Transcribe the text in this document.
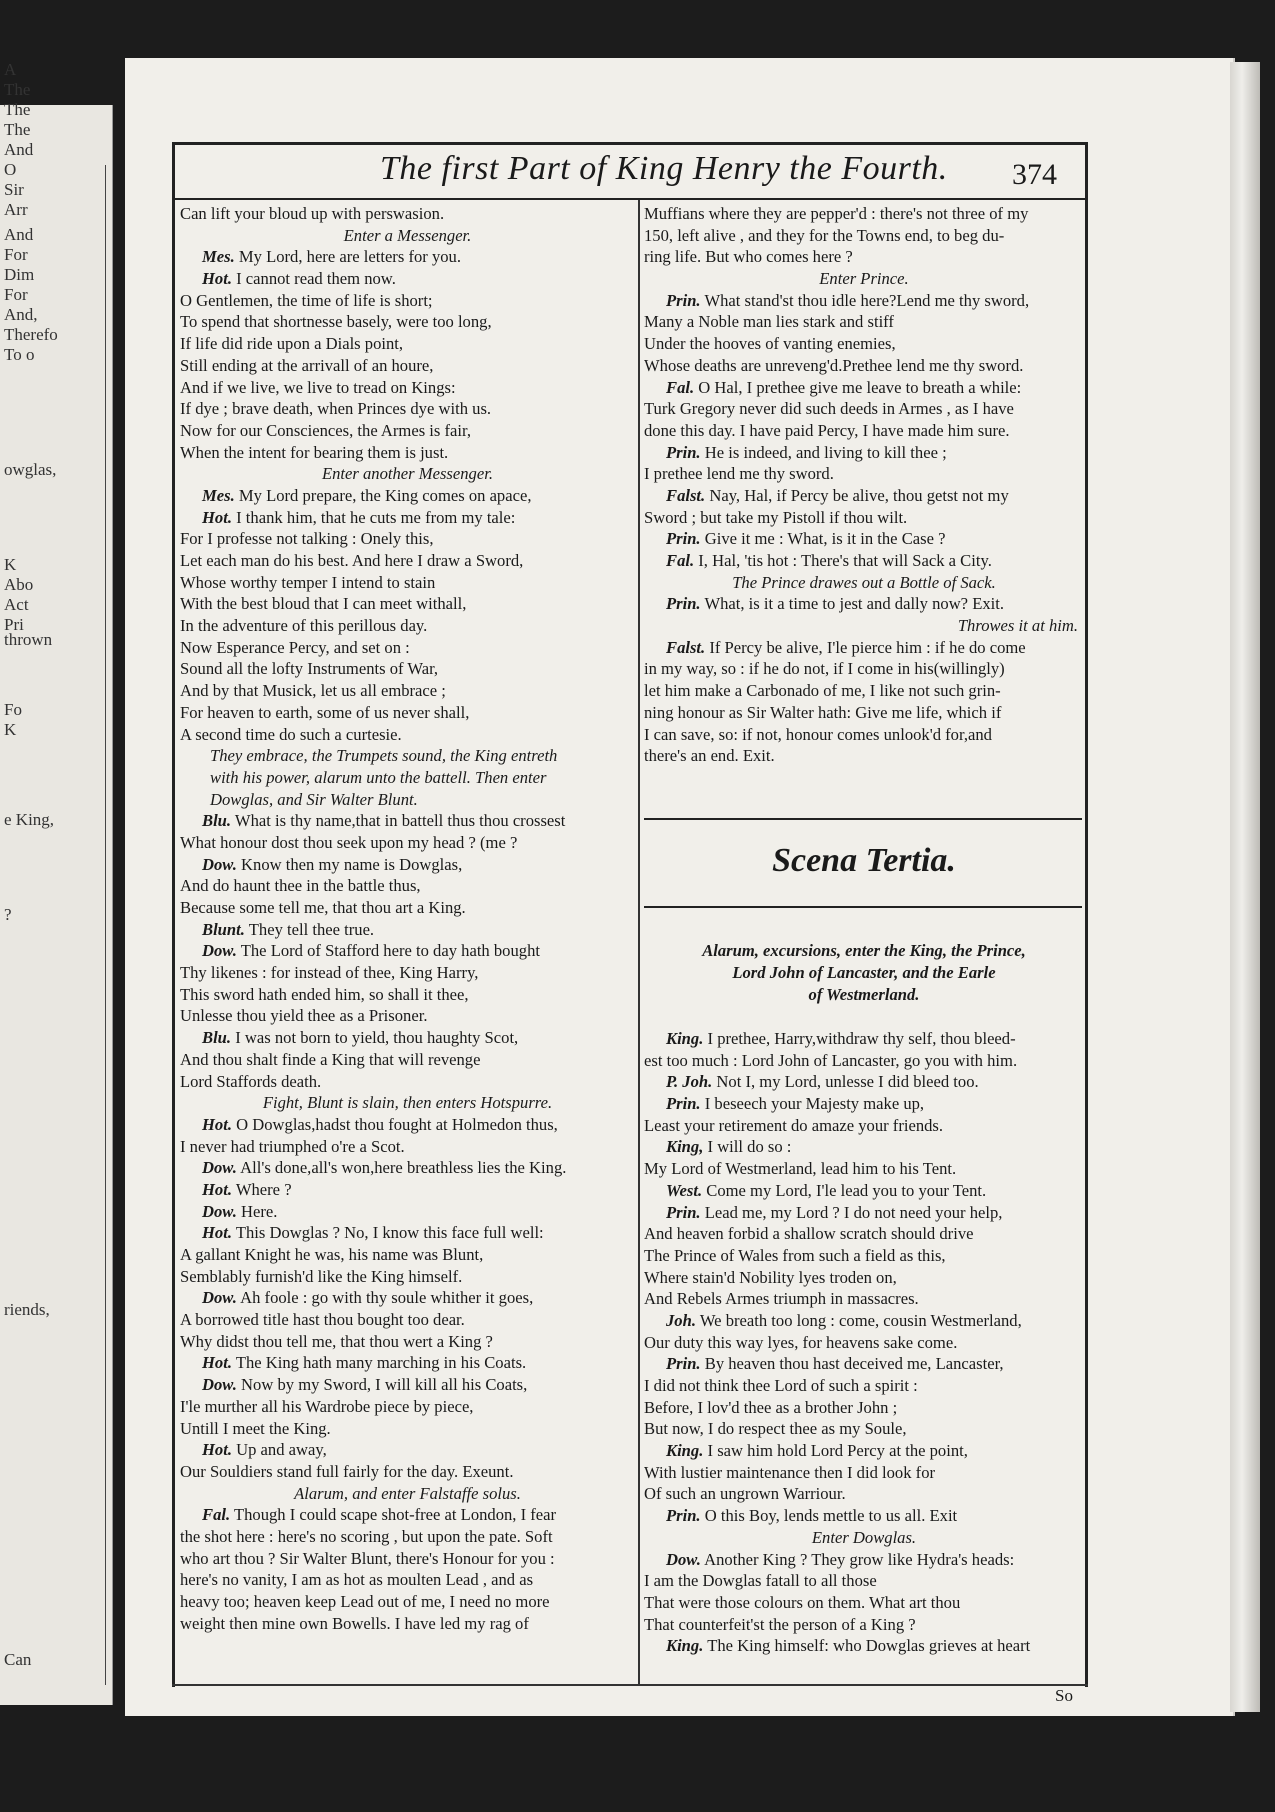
A
The
The
The
And
O
Sir
Arr
And
For
Dim
For
And,
Therefo
To o
owglas,
K
Abo
Act
Pri
thrown
Fo
K
e King,
?
riends,
Can
The first Part of King Henry the Fourth. 374
Can lift your bloud up with perswasion.
Enter a Messenger.
Mes. My Lord, here are letters for you.
Hot. I cannot read them now.
O Gentlemen, the time of life is short;
To spend that shortnesse basely, were too long,
If life did ride upon a Dials point,
Still ending at the arrivall of an houre,
And if we live, we live to tread on Kings:
If dye ; brave death, when Princes dye with us.
Now for our Consciences, the Armes is fair,
When the intent for bearing them is just.
Enter another Messenger.
Mes. My Lord prepare, the King comes on apace,
Hot. I thank him, that he cuts me from my tale:
For I professe not talking : Onely this,
Let each man do his best. And here I draw a Sword,
Whose worthy temper I intend to stain
With the best bloud that I can meet withall,
In the adventure of this perillous day.
Now Esperance Percy, and set on :
Sound all the lofty Instruments of War,
And by that Musick, let us all embrace ;
For heaven to earth, some of us never shall,
A second time do such a curtesie.
They embrace, the Trumpets sound, the King entreth
with his power, alarum unto the battell. Then enter
Dowglas, and Sir Walter Blunt.
Blu. What is thy name,that in battell thus thou crossest
What honour dost thou seek upon my head ? (me ?
Dow. Know then my name is Dowglas,
And do haunt thee in the battle thus,
Because some tell me, that thou art a King.
Blunt. They tell thee true.
Dow. The Lord of Stafford here to day hath bought
Thy likenes : for instead of thee, King Harry,
This sword hath ended him, so shall it thee,
Unlesse thou yield thee as a Prisoner.
Blu. I was not born to yield, thou haughty Scot,
And thou shalt finde a King that will revenge
Lord Staffords death.
Fight, Blunt is slain, then enters Hotspurre.
Hot. O Dowglas,hadst thou fought at Holmedon thus,
I never had triumphed o're a Scot.
Dow. All's done,all's won,here breathless lies the King.
Hot. Where ?
Dow. Here.
Hot. This Dowglas ? No, I know this face full well:
A gallant Knight he was, his name was Blunt,
Semblably furnish'd like the King himself.
Dow. Ah foole : go with thy soule whither it goes,
A borrowed title hast thou bought too dear.
Why didst thou tell me, that thou wert a King ?
Hot. The King hath many marching in his Coats.
Dow. Now by my Sword, I will kill all his Coats,
I'le murther all his Wardrobe piece by piece,
Untill I meet the King.
Hot. Up and away,
Our Souldiers stand full fairly for the day. Exeunt.
Alarum, and enter Falstaffe solus.
Fal. Though I could scape shot-free at London, I fear
the shot here : here's no scoring , but upon the pate. Soft
who art thou ? Sir Walter Blunt, there's Honour for you :
here's no vanity, I am as hot as moulten Lead , and as
heavy too; heaven keep Lead out of me, I need no more
weight then mine own Bowells. I have led my rag of
Muffians where they are pepper'd : there's not three of my
150, left alive , and they for the Towns end, to beg du-
ring life. But who comes here ?
Enter Prince.
Prin. What stand'st thou idle here?Lend me thy sword,
Many a Noble man lies stark and stiff
Under the hooves of vanting enemies,
Whose deaths are unreveng'd.Prethee lend me thy sword.
Fal. O Hal, I prethee give me leave to breath a while:
Turk Gregory never did such deeds in Armes , as I have
done this day. I have paid Percy, I have made him sure.
Prin. He is indeed, and living to kill thee ;
I prethee lend me thy sword.
Falst. Nay, Hal, if Percy be alive, thou getst not my
Sword ; but take my Pistoll if thou wilt.
Prin. Give it me : What, is it in the Case ?
Fal. I, Hal, 'tis hot : There's that will Sack a City.
The Prince drawes out a Bottle of Sack.
Prin. What, is it a time to jest and dally now? Exit.
Throwes it at him.
Falst. If Percy be alive, I'le pierce him : if he do come
in my way, so : if he do not, if I come in his(willingly)
let him make a Carbonado of me, I like not such grin-
ning honour as Sir Walter hath: Give me life, which if
I can save, so: if not, honour comes unlook'd for,and
there's an end. Exit.
Scena Tertia.
Alarum, excursions, enter the King, the Prince,
Lord John of Lancaster, and the Earle
of Westmerland.
King. I prethee, Harry,withdraw thy self, thou bleed-
est too much : Lord John of Lancaster, go you with him.
P. Joh. Not I, my Lord, unlesse I did bleed too.
Prin. I beseech your Majesty make up,
Least your retirement do amaze your friends.
King, I will do so :
My Lord of Westmerland, lead him to his Tent.
West. Come my Lord, I'le lead you to your Tent.
Prin. Lead me, my Lord ? I do not need your help,
And heaven forbid a shallow scratch should drive
The Prince of Wales from such a field as this,
Where stain'd Nobility lyes troden on,
And Rebels Armes triumph in massacres.
Joh. We breath too long : come, cousin Westmerland,
Our duty this way lyes, for heavens sake come.
Prin. By heaven thou hast deceived me, Lancaster,
I did not think thee Lord of such a spirit :
Before, I lov'd thee as a brother John ;
But now, I do respect thee as my Soule,
King. I saw him hold Lord Percy at the point,
With lustier maintenance then I did look for
Of such an ungrown Warriour.
Prin. O this Boy, lends mettle to us all. Exit
Enter Dowglas.
Dow. Another King ? They grow like Hydra's heads:
I am the Dowglas fatall to all those
That were those colours on them. What art thou
That counterfeit'st the person of a King ?
King. The King himself: who Dowglas grieves at heart
So
